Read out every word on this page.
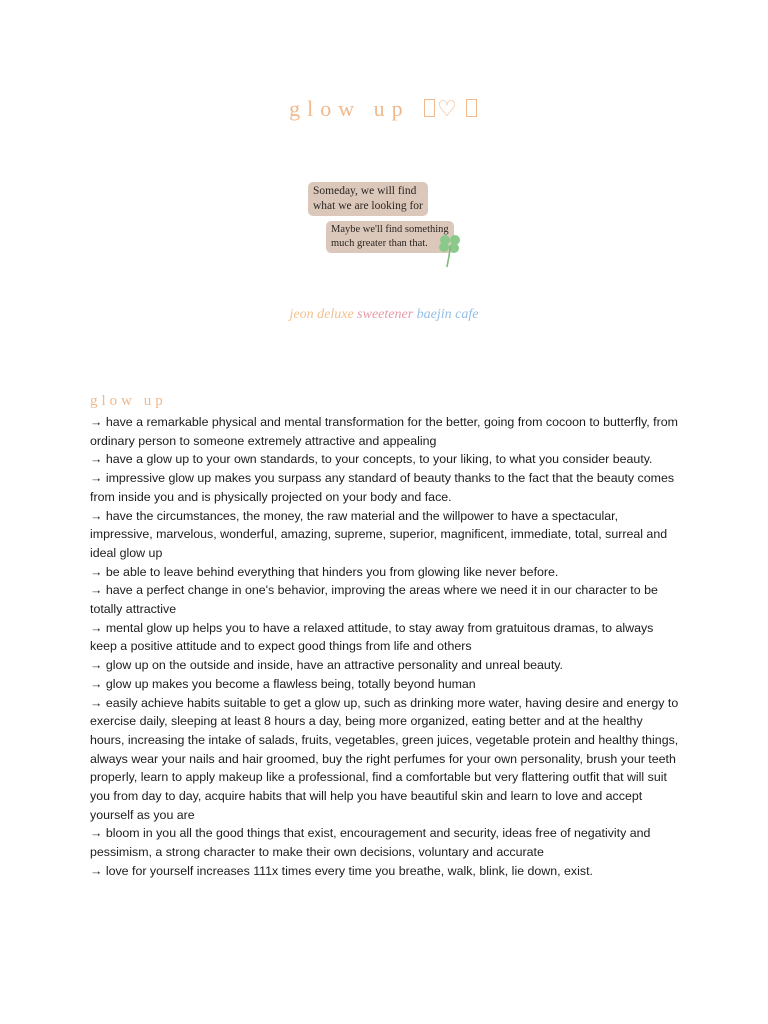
glow up ♡
Someday, we will find
what we are looking for
Maybe we'll find something
much greater than that.
jeon deluxe sweetener baejin cafe
glow up

→ have a remarkable physical and mental transformation for the better, going from cocoon to butterfly, from ordinary person to someone extremely attractive and appealing

→ have a glow up to your own standards, to your concepts, to your liking, to what you consider beauty.

→ impressive glow up makes you surpass any standard of beauty thanks to the fact that the beauty comes from inside you and is physically projected on your body and face.

→ have the circumstances, the money, the raw material and the willpower to have a spectacular, impressive, marvelous, wonderful, amazing, supreme, superior, magnificent, immediate, total, surreal and ideal glow up

→ be able to leave behind everything that hinders you from glowing like never before.

→ have a perfect change in one's behavior, improving the areas where we need it in our character to be totally attractive

→ mental glow up helps you to have a relaxed attitude, to stay away from gratuitous dramas, to always keep a positive attitude and to expect good things from life and others

→ glow up on the outside and inside, have an attractive personality and unreal beauty.

→ glow up makes you become a flawless being, totally beyond human

→ easily achieve habits suitable to get a glow up, such as drinking more water, having desire and energy to exercise daily, sleeping at least 8 hours a day, being more organized, eating better and at the healthy hours, increasing the intake of salads, fruits, vegetables, green juices, vegetable protein and healthy things, always wear your nails and hair groomed, buy the right perfumes for your own personality, brush your teeth properly, learn to apply makeup like a professional, find a comfortable but very flattering outfit that will suit you from day to day, acquire habits that will help you have beautiful skin and learn to love and accept yourself as you are

→ bloom in you all the good things that exist, encouragement and security, ideas free of negativity and pessimism, a strong character to make their own decisions, voluntary and accurate

→ love for yourself increases 111x times every time you breathe, walk, blink, lie down, exist.
